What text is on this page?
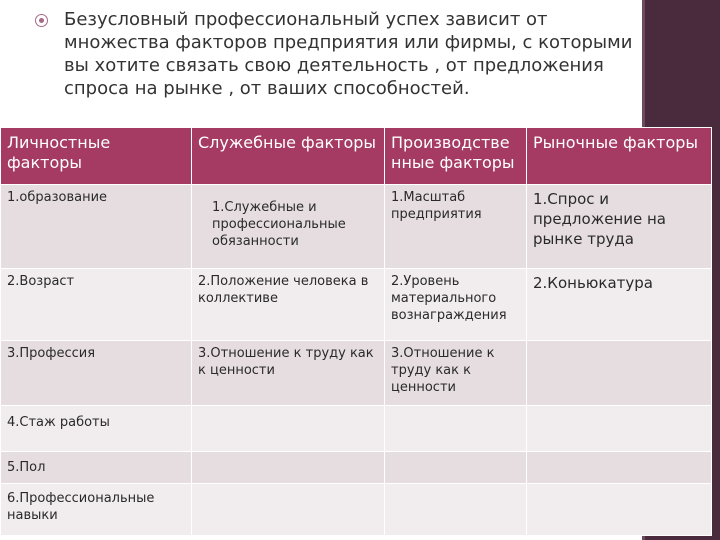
Безусловный профессиональный успех зависит от множества факторов предприятия или фирмы, с которыми вы хотите связать свою деятельность , от предложения спроса на рынке , от ваших способностей.
Личностные факторы	Служебные факторы	Производстве нные факторы	Рыночные факторы
1.образование	1.Служебные и профессиональные обязанности	1.Масштаб предприятия	1.Спрос и предложение на рынке труда
2.Возраст	2.Положение человека в коллективе	2.Уровень материального вознаграждения	2.Коньюкатура
3.Профессия	3.Отношение к труду как к ценности	3.Отношение к труду как к ценности	
4.Стаж работы			
5.Пол			
6.Профессиональные навыки			
